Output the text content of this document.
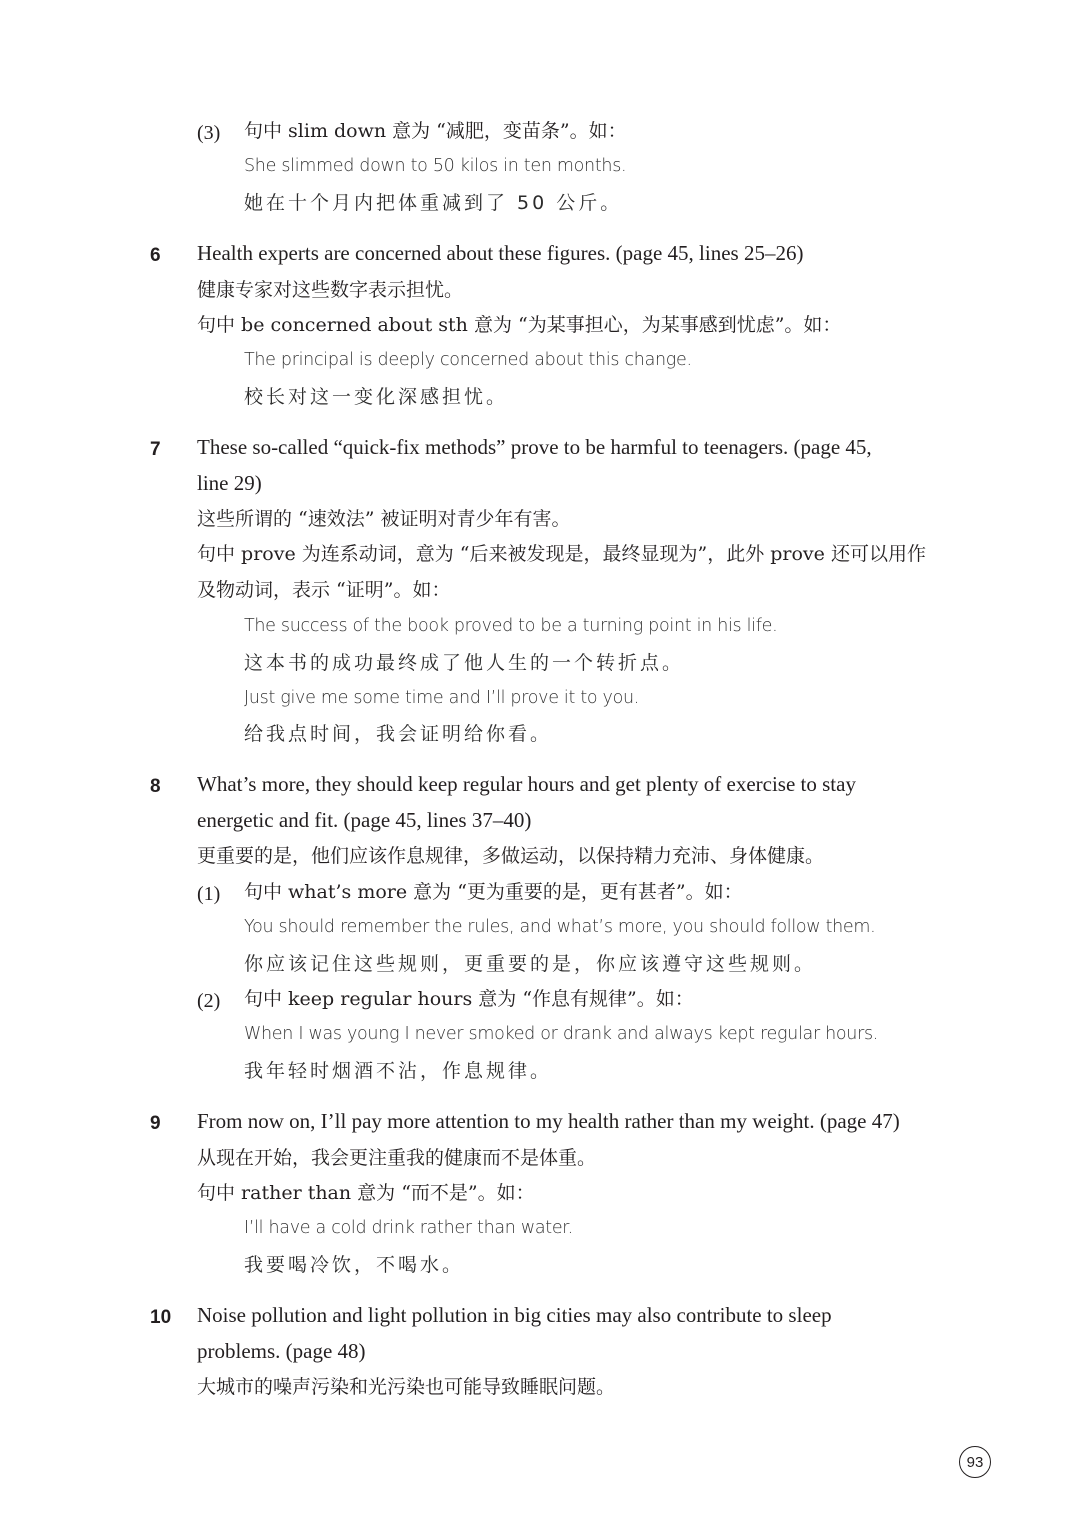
(3) 句中 slim down 意为 “减肥，变苗条”。如：
She slimmed down to 50 kilos in ten months.
她在十个月内把体重减到了 50 公斤。
6 Health experts are concerned about these figures. (page 45, lines 25–26)
健康专家对这些数字表示担忧。
句中 be concerned about sth 意为 “为某事担心，为某事感到忧虑”。如：
The principal is deeply concerned about this change.
校长对这一变化深感担忧。
7 These so-called “quick-fix methods” prove to be harmful to teenagers. (page 45,
line 29)
这些所谓的 “速效法” 被证明对青少年有害。
句中 prove 为连系动词，意为 “后来被发现是，最终显现为”，此外 prove 还可以用作
及物动词，表示 “证明”。如：
The success of the book proved to be a turning point in his life.
这本书的成功最终成了他人生的一个转折点。
Just give me some time and I’ll prove it to you.
给我点时间，我会证明给你看。
8 What’s more, they should keep regular hours and get plenty of exercise to stay
energetic and fit. (page 45, lines 37–40)
更重要的是，他们应该作息规律，多做运动，以保持精力充沛、身体健康。
(1) 句中 what’s more 意为 “更为重要的是，更有甚者”。如：
You should remember the rules, and what’s more, you should follow them.
你应该记住这些规则，更重要的是，你应该遵守这些规则。
(2) 句中 keep regular hours 意为 “作息有规律”。如：
When I was young I never smoked or drank and always kept regular hours.
我年轻时烟酒不沾，作息规律。
9 From now on, I’ll pay more attention to my health rather than my weight. (page 47)
从现在开始，我会更注重我的健康而不是体重。
句中 rather than 意为 “而不是”。如：
I’ll have a cold drink rather than water.
我要喝冷饮，不喝水。
10 Noise pollution and light pollution in big cities may also contribute to sleep
problems. (page 48)
大城市的噪声污染和光污染也可能导致睡眠问题。
93
